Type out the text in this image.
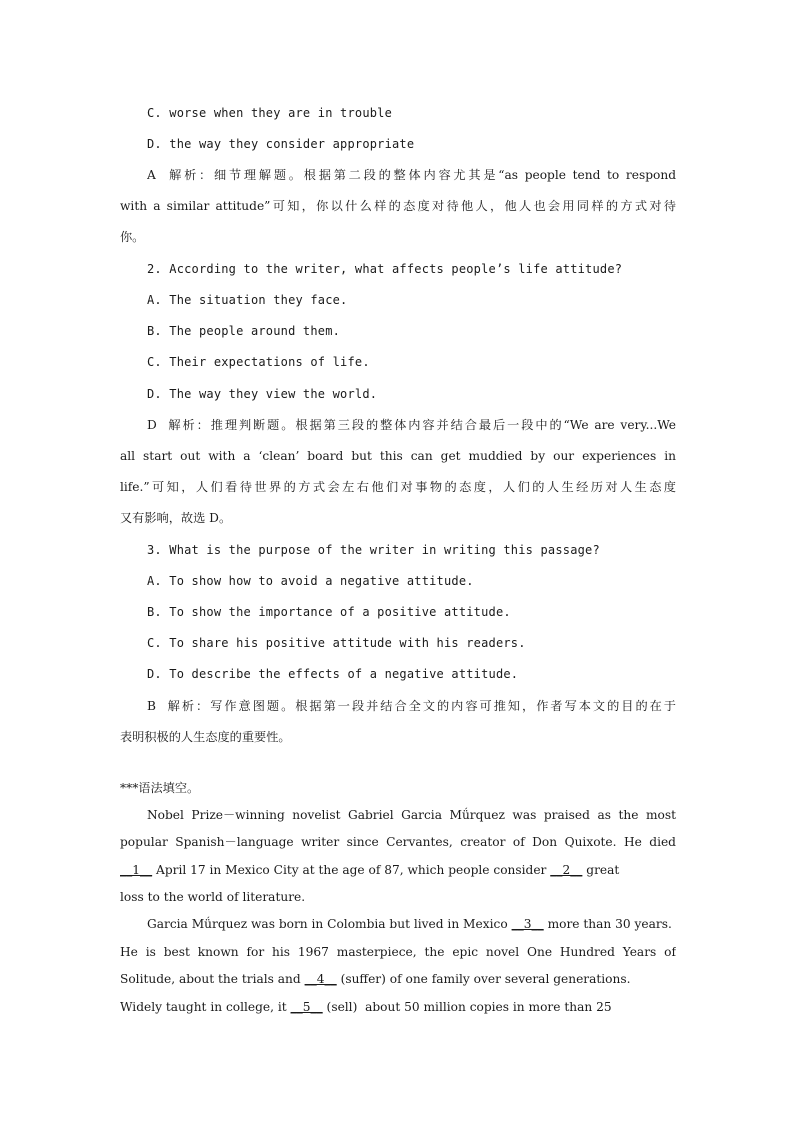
C. worse when they are in trouble
D. the way they consider appropriate
A  解析：细节理解题。根据第二段的整体内容尤其是“as people tend to respond
with a similar attitude”可知，你以什么样的态度对待他人，他人也会用同样的方式对待
你。
2. According to the writer, what affects people’s life attitude?
A. The situation they face.
B. The people around them.
C. Their expectations of life.
D. The way they view the world.
D  解析：推理判断题。根据第三段的整体内容并结合最后一段中的“We are very...We
all start out with a ‘clean’ board but this can get muddied by our experiences in
life.”可知，人们看待世界的方式会左右他们对事物的态度，人们的人生经历对人生态度
又有影响，故选 D。
3. What is the purpose of the writer in writing this passage?
A. To show how to avoid a negative attitude.
B. To show the importance of a positive attitude.
C. To share his positive attitude with his readers.
D. To describe the effects of a negative attitude.
B  解析：写作意图题。根据第一段并结合全文的内容可推知，作者写本文的目的在于
表明积极的人生态度的重要性。
***语法填空。
Nobel Prize－winning novelist Gabriel Garcia Mǘrquez was praised as the most
popular Spanish－language writer since Cervantes, creator of Don Quixote. He died
__1__ April 17 in Mexico City at the age of 87, which people consider __2__ great
loss to the world of literature.
Garcia Mǘrquez was born in Colombia but lived in Mexico __3__ more than 30 years.
He is best known for his 1967 masterpiece, the epic novel One Hundred Years of
Solitude, about the trials and __4__ (suffer) of one family over several generations.
Widely taught in college, it __5__ (sell)  about 50 million copies in more than 25
